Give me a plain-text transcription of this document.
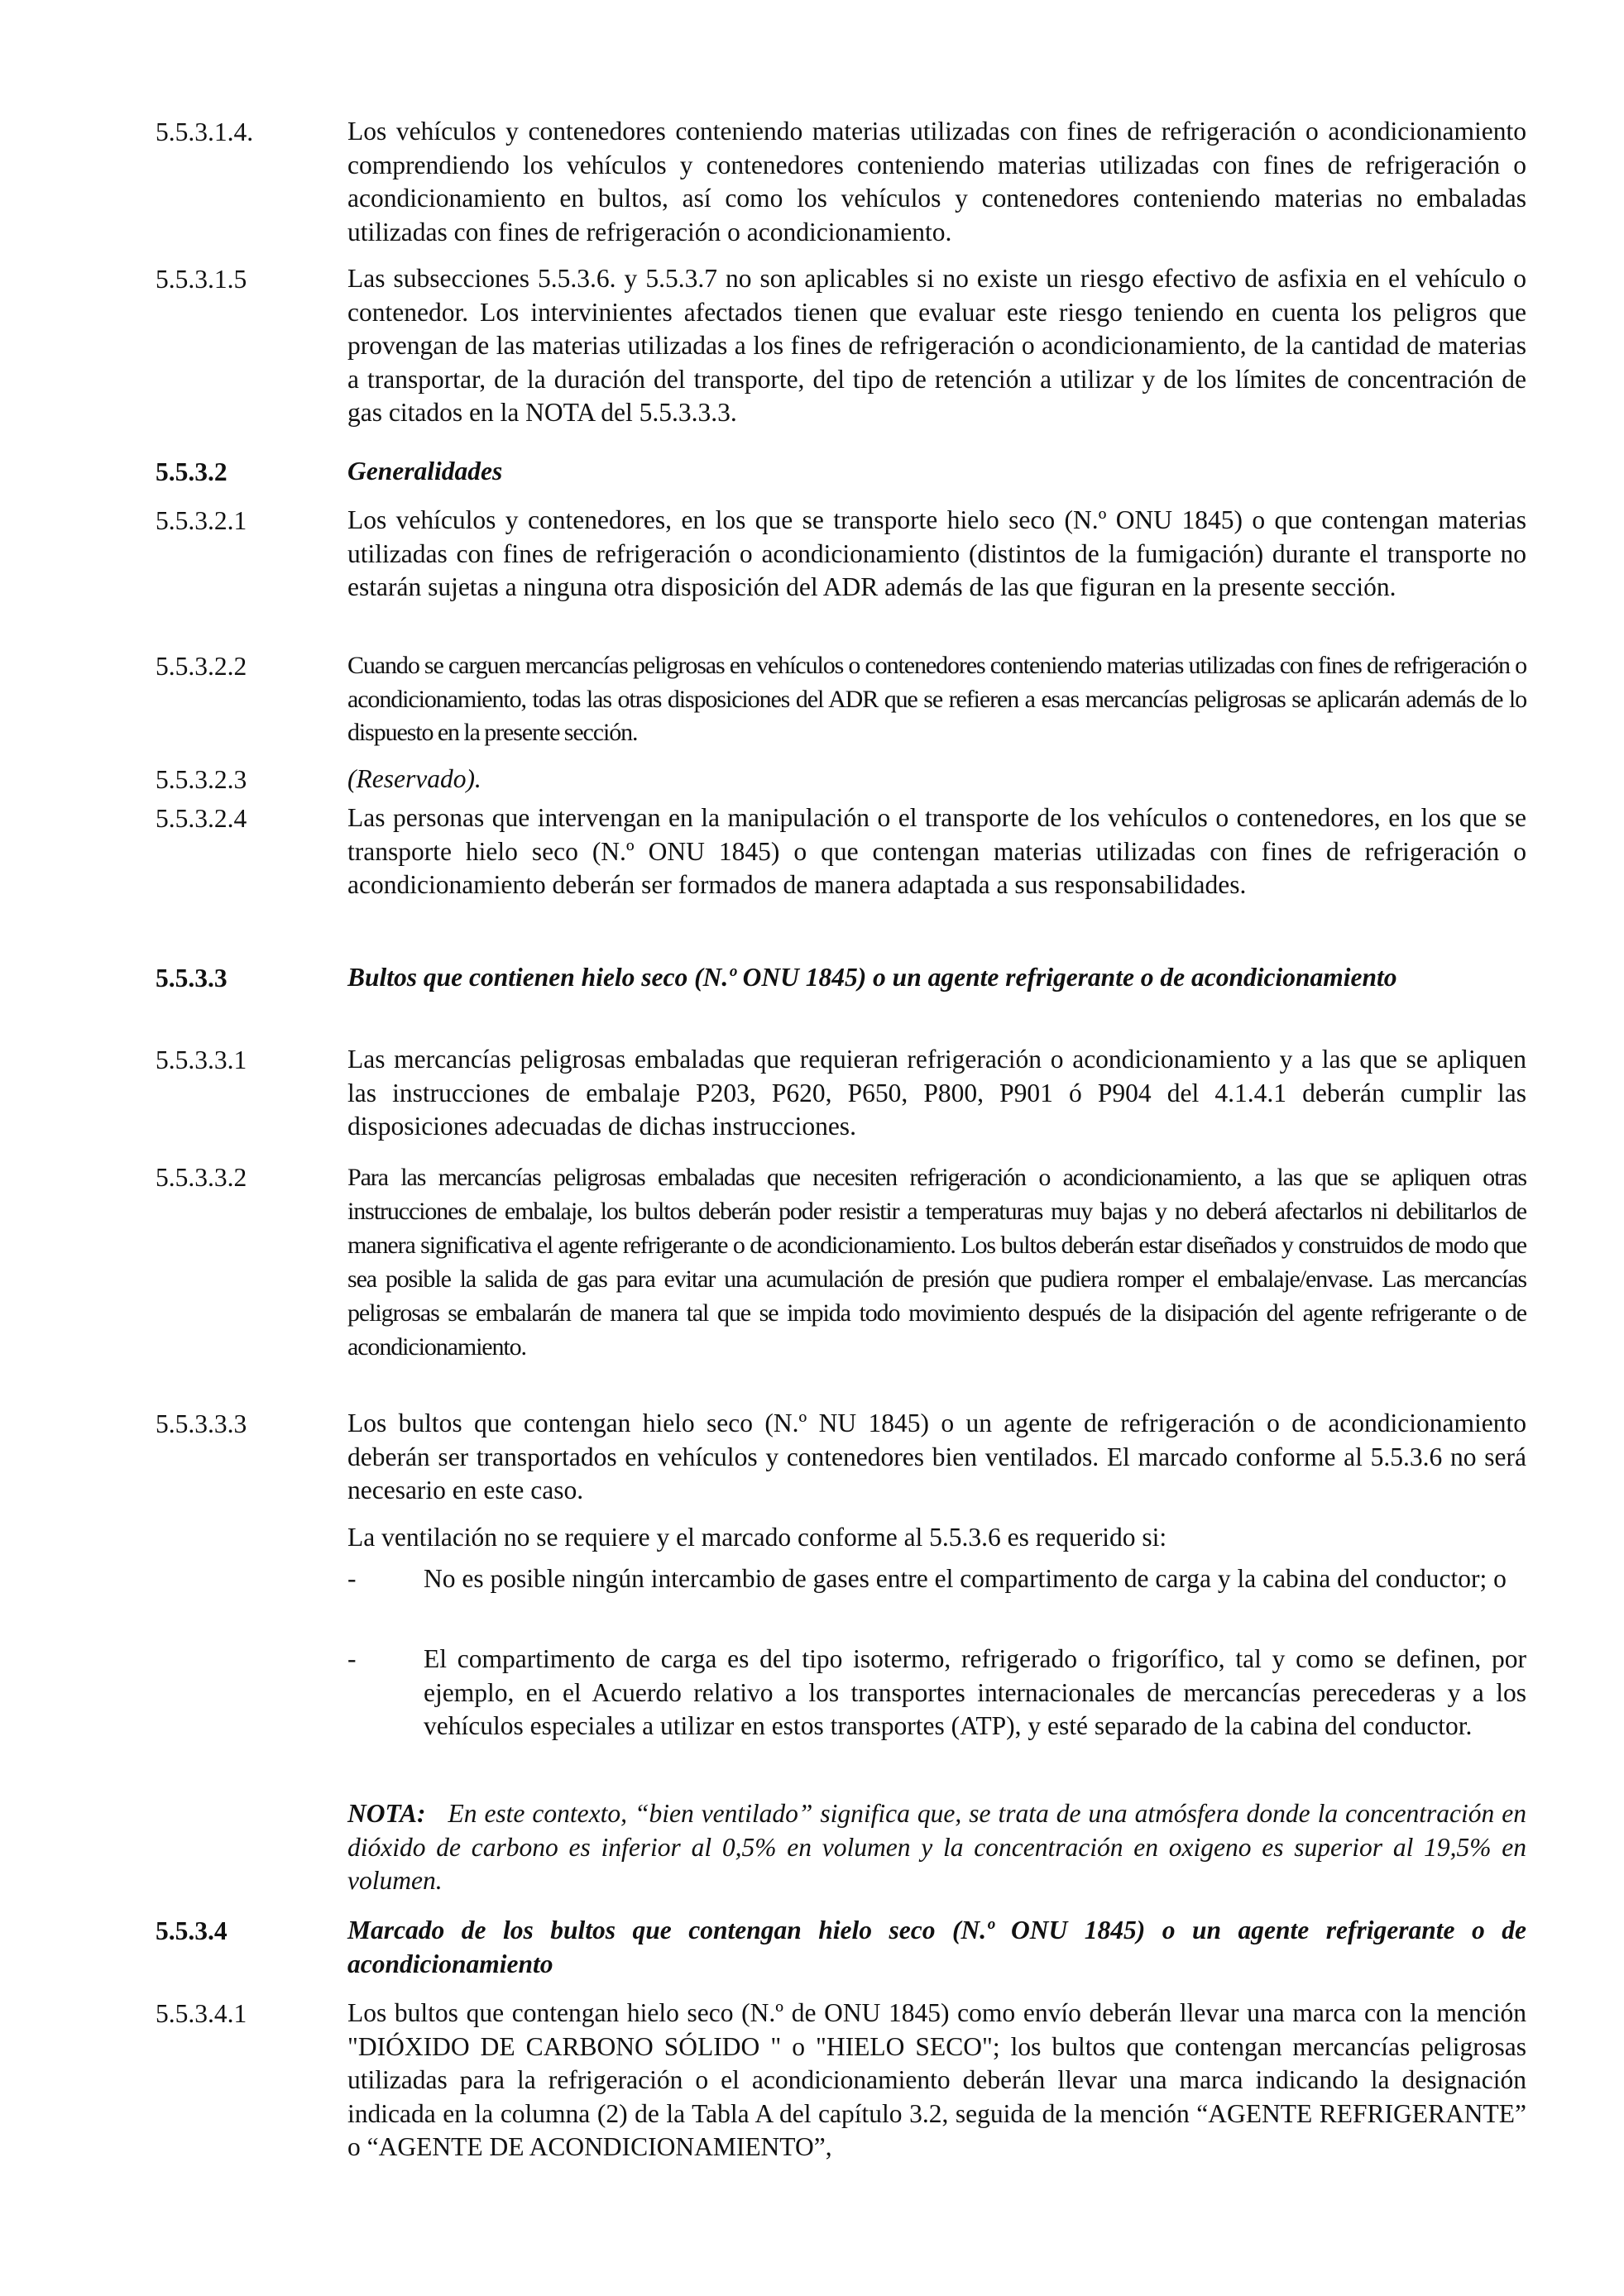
5.5.3.1.4.	Los vehículos y contenedores conteniendo materias utilizadas con fines de refrigeración o acondicionamiento comprendiendo los vehículos y contenedores conteniendo materias utilizadas con fines de refrigeración o acondicionamiento en bultos, así como los vehículos y contenedores conteniendo materias no embaladas utilizadas con fines de refrigeración o acondicionamiento.
5.5.3.1.5	Las subsecciones 5.5.3.6. y 5.5.3.7 no son aplicables si no existe un riesgo efectivo de asfixia en el vehículo o contenedor. Los intervinientes afectados tienen que evaluar este riesgo teniendo en cuenta los peligros que provengan de las materias utilizadas a los fines de refrigeración o acondicionamiento, de la cantidad de materias a transportar, de la duración del transporte, del tipo de retención a utilizar y de los límites de concentración de gas citados en la NOTA del 5.5.3.3.3.
5.5.3.2	Generalidades
5.5.3.2.1	Los vehículos y contenedores, en los que se transporte hielo seco (N.º ONU 1845) o que contengan materias utilizadas con fines de refrigeración o acondicionamiento (distintos de la fumigación) durante el transporte no estarán sujetas a ninguna otra disposición del ADR además de las que figuran en la presente sección.
5.5.3.2.2	Cuando se carguen mercancías peligrosas en vehículos o contenedores conteniendo materias utilizadas con fines de refrigeración o acondicionamiento, todas las otras disposiciones del ADR que se refieren a esas mercancías peligrosas se aplicarán además de lo dispuesto en la presente sección.
5.5.3.2.3	(Reservado).
5.5.3.2.4	Las personas que intervengan en la manipulación o el transporte de los vehículos o contenedores, en los que se transporte hielo seco (N.º ONU 1845) o que contengan materias utilizadas con fines de refrigeración o acondicionamiento deberán ser formados de manera adaptada a sus responsabilidades.
5.5.3.3	Bultos que contienen hielo seco (N.º ONU 1845) o un agente refrigerante o de acondicionamiento
5.5.3.3.1	Las mercancías peligrosas embaladas que requieran refrigeración o acondicionamiento y a las que se apliquen las instrucciones de embalaje P203, P620, P650, P800, P901 ó P904 del 4.1.4.1 deberán cumplir las disposiciones adecuadas de dichas instrucciones.
5.5.3.3.2	Para las mercancías peligrosas embaladas que necesiten refrigeración o acondicionamiento, a las que se apliquen otras instrucciones de embalaje, los bultos deberán poder resistir a temperaturas muy bajas y no deberá afectarlos ni debilitarlos de manera significativa el agente refrigerante o de acondicionamiento. Los bultos deberán estar diseñados y construidos de modo que sea posible la salida de gas para evitar una acumulación de presión que pudiera romper el embalaje/envase. Las mercancías peligrosas se embalarán de manera tal que se impida todo movimiento después de la disipación del agente refrigerante o de acondicionamiento.
5.5.3.3.3	Los bultos que contengan hielo seco (N.º NU 1845) o un agente de refrigeración o de acondicionamiento deberán ser transportados en vehículos y contenedores bien ventilados. El marcado conforme al 5.5.3.6 no será necesario en este caso.
La ventilación no se requiere y el marcado conforme al 5.5.3.6 es requerido si:
-	No es posible ningún intercambio de gases entre el compartimento de carga y la cabina del conductor; o
-	El compartimento de carga es del tipo isotermo, refrigerado o frigorífico, tal y como se definen, por ejemplo, en el Acuerdo relativo a los transportes internacionales de mercancías perecederas y a los vehículos especiales a utilizar en estos transportes (ATP), y esté separado de la cabina del conductor.
NOTA: En este contexto, “bien ventilado” significa que, se trata de una atmósfera donde la concentración en dióxido de carbono es inferior al 0,5% en volumen y la concentración en oxigeno es superior al 19,5% en volumen.
5.5.3.4	Marcado de los bultos que contengan hielo seco (N.º ONU 1845) o un agente refrigerante o de acondicionamiento
5.5.3.4.1	Los bultos que contengan hielo seco (N.º de ONU 1845) como envío deberán llevar una marca con la mención "DIÓXIDO DE CARBONO SÓLIDO " o "HIELO SECO"; los bultos que contengan mercancías peligrosas utilizadas para la refrigeración o el acondicionamiento deberán llevar una marca indicando la designación indicada en la columna (2) de la Tabla A del capítulo 3.2, seguida de la mención “AGENTE REFRIGERANTE” o “AGENTE DE ACONDICIONAMIENTO”,
